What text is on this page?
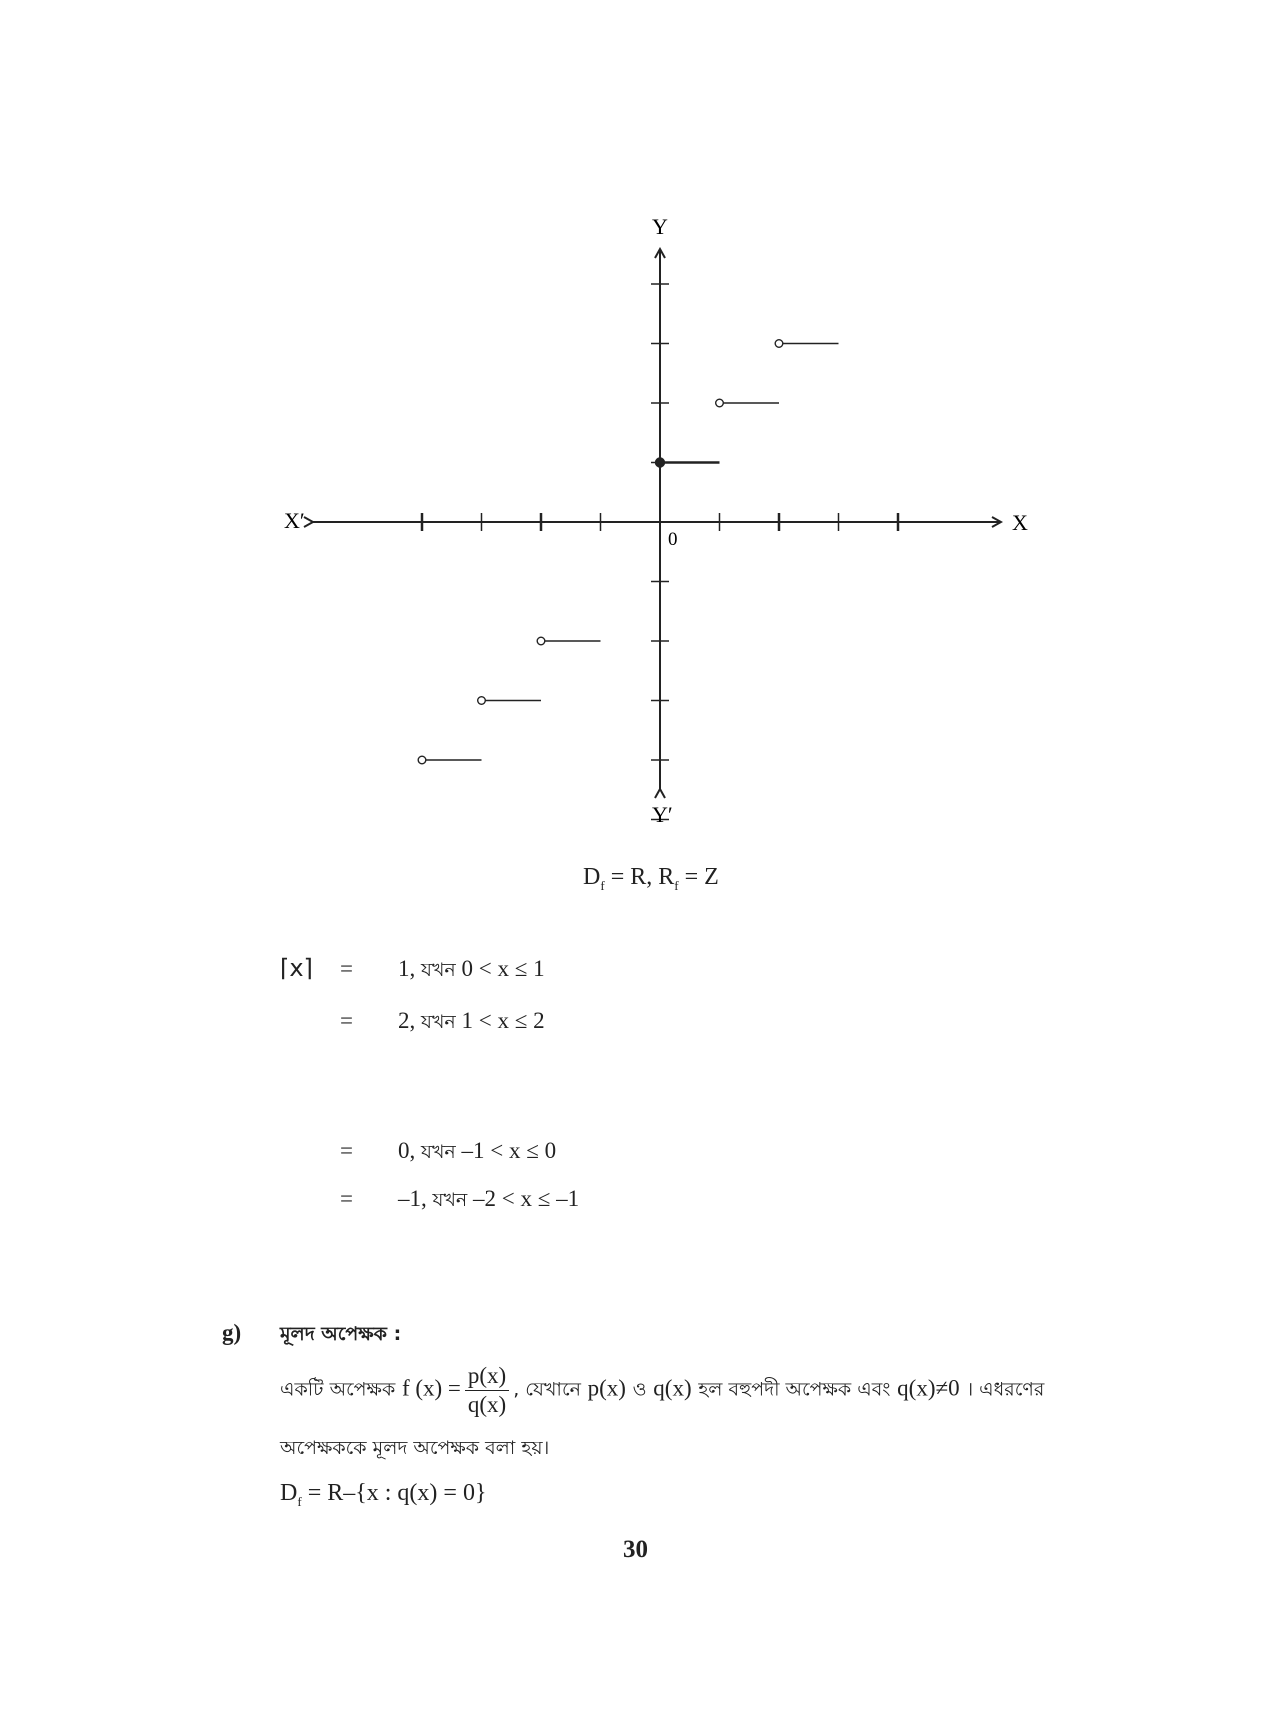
Y
Y′
X
X′
0
$D_f = R$, $R_f = Z$
⌈x⌉ = 1, যখন 0 < x ≤ 1
= 2, যখন 1 < x ≤ 2
= 0, যখন –1 < x ≤ 0
= –1, যখন –2 < x ≤ –1
g) মূলদ অপেক্ষক :
একটি অপেক্ষক f $(x) = \frac{p(x)}{q(x)}$ , যেখানে p(x) ও q(x) হল বহুপদী অপেক্ষক এবং q(x)≠0 । এধরণের
অপেক্ষককে মূলদ অপেক্ষক বলা হয়।
$D_f = R-\{x$ : q(x) = 0}
30
